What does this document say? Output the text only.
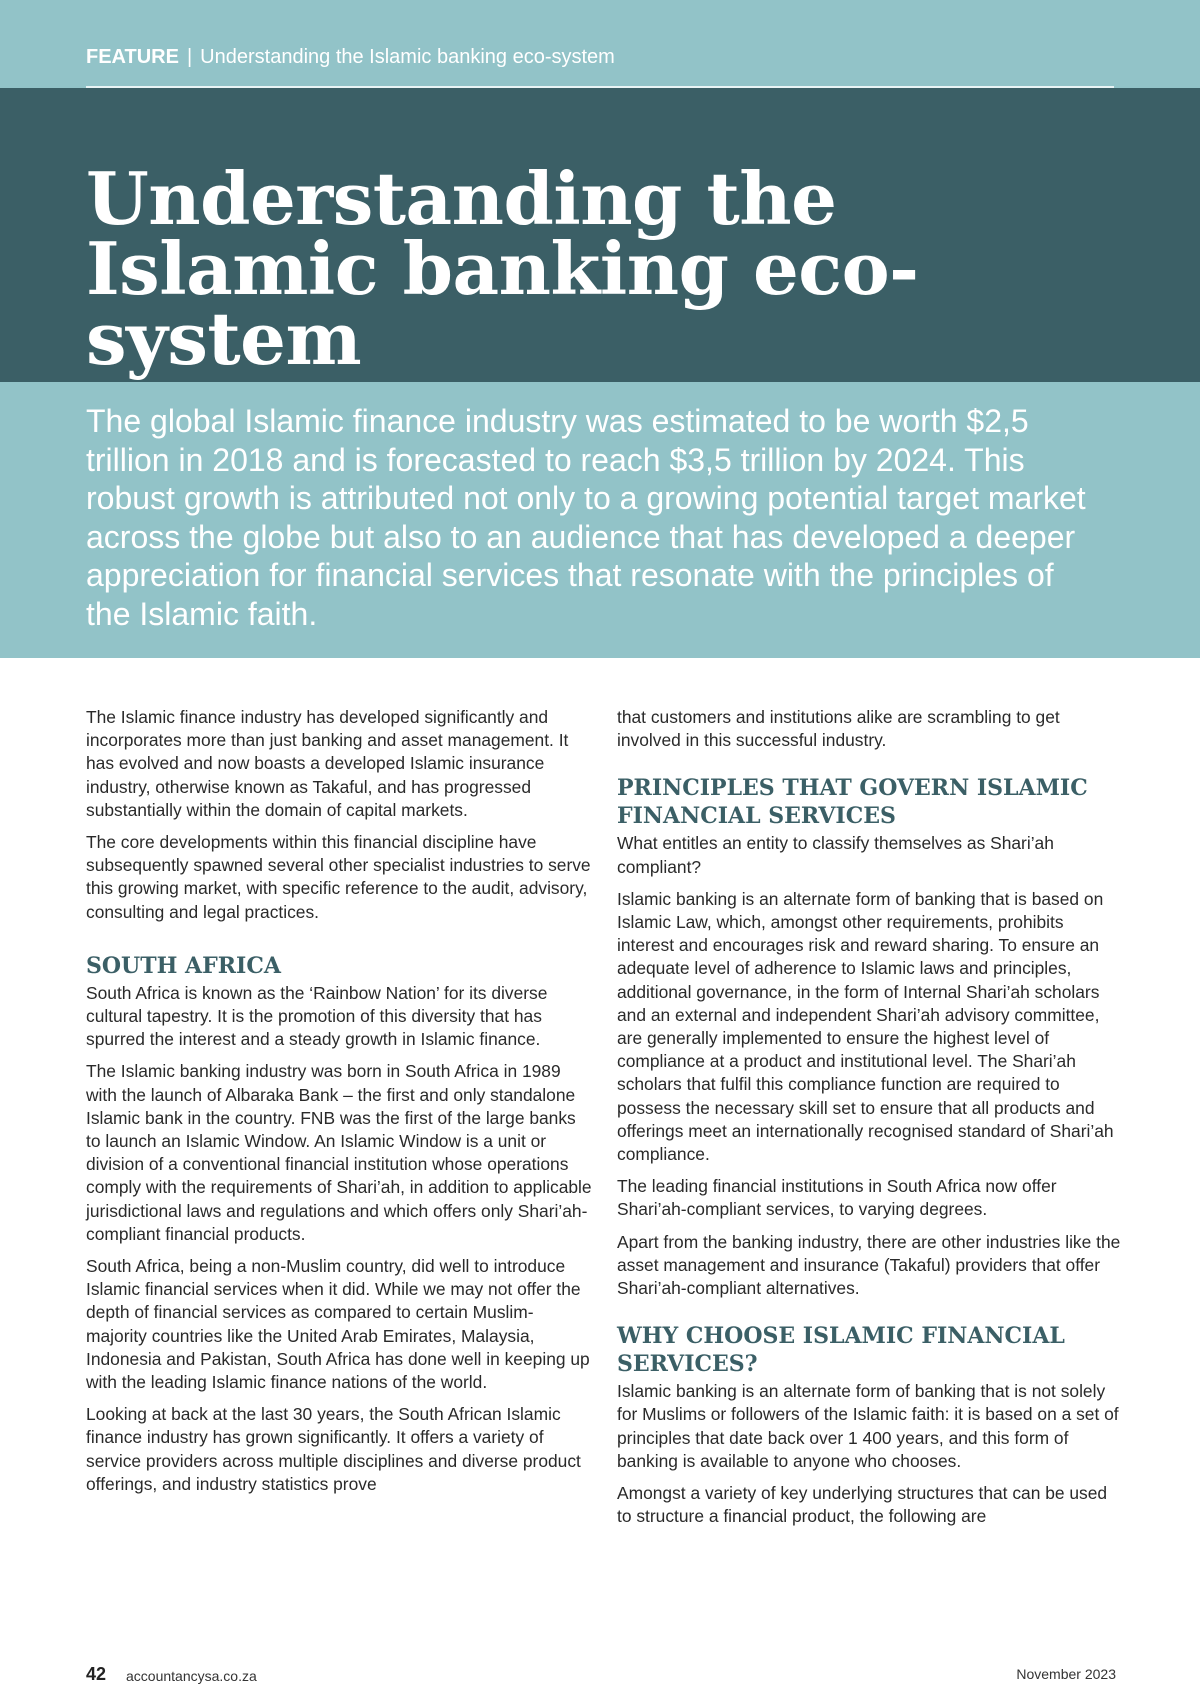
FEATURE | Understanding the Islamic banking eco-system
Understanding the Islamic banking eco-system

The global Islamic finance industry was estimated to be worth $2,5 trillion in 2018 and is forecasted to reach $3,5 trillion by 2024. This robust growth is attributed not only to a growing potential target market across the globe but also to an audience that has developed a deeper appreciation for financial services that resonate with the principles of the Islamic faith.

The Islamic finance industry has developed significantly and incorporates more than just banking and asset management. It has evolved and now boasts a developed Islamic insurance industry, otherwise known as Takaful, and has progressed substantially within the domain of capital markets.

The core developments within this financial discipline have subsequently spawned several other specialist industries to serve this growing market, with specific reference to the audit, advisory, consulting and legal practices.

SOUTH AFRICA

South Africa is known as the ‘Rainbow Nation’ for its diverse cultural tapestry. It is the promotion of this diversity that has spurred the interest and a steady growth in Islamic finance.

The Islamic banking industry was born in South Africa in 1989 with the launch of Albaraka Bank – the first and only standalone Islamic bank in the country. FNB was the first of the large banks to launch an Islamic Window. An Islamic Window is a unit or division of a conventional financial institution whose operations comply with the requirements of Shari’ah, in addition to applicable jurisdictional laws and regulations and which offers only Shari’ah-compliant financial products.

South Africa, being a non-Muslim country, did well to introduce Islamic financial services when it did. While we may not offer the depth of financial services as compared to certain Muslim-majority countries like the United Arab Emirates, Malaysia, Indonesia and Pakistan, South Africa has done well in keeping up with the leading Islamic finance nations of the world.

Looking at back at the last 30 years, the South African Islamic finance industry has grown significantly. It offers a variety of service providers across multiple disciplines and diverse product offerings, and industry statistics prove

that customers and institutions alike are scrambling to get involved in this successful industry.

PRINCIPLES THAT GOVERN ISLAMIC FINANCIAL SERVICES

What entitles an entity to classify themselves as Shari’ah compliant?

Islamic banking is an alternate form of banking that is based on Islamic Law, which, amongst other requirements, prohibits interest and encourages risk and reward sharing. To ensure an adequate level of adherence to Islamic laws and principles, additional governance, in the form of Internal Shari’ah scholars and an external and independent Shari’ah advisory committee, are generally implemented to ensure the highest level of compliance at a product and institutional level. The Shari’ah scholars that fulfil this compliance function are required to possess the necessary skill set to ensure that all products and offerings meet an internationally recognised standard of Shari’ah compliance.

The leading financial institutions in South Africa now offer Shari’ah-compliant services, to varying degrees.

Apart from the banking industry, there are other industries like the asset management and insurance (Takaful) providers that offer Shari’ah-compliant alternatives.

WHY CHOOSE ISLAMIC FINANCIAL SERVICES?

Islamic banking is an alternate form of banking that is not solely for Muslims or followers of the Islamic faith: it is based on a set of principles that date back over 1 400 years, and this form of banking is available to anyone who chooses.

Amongst a variety of key underlying structures that can be used to structure a financial product, the following are

42 accountancysa.co.za	November 2023
